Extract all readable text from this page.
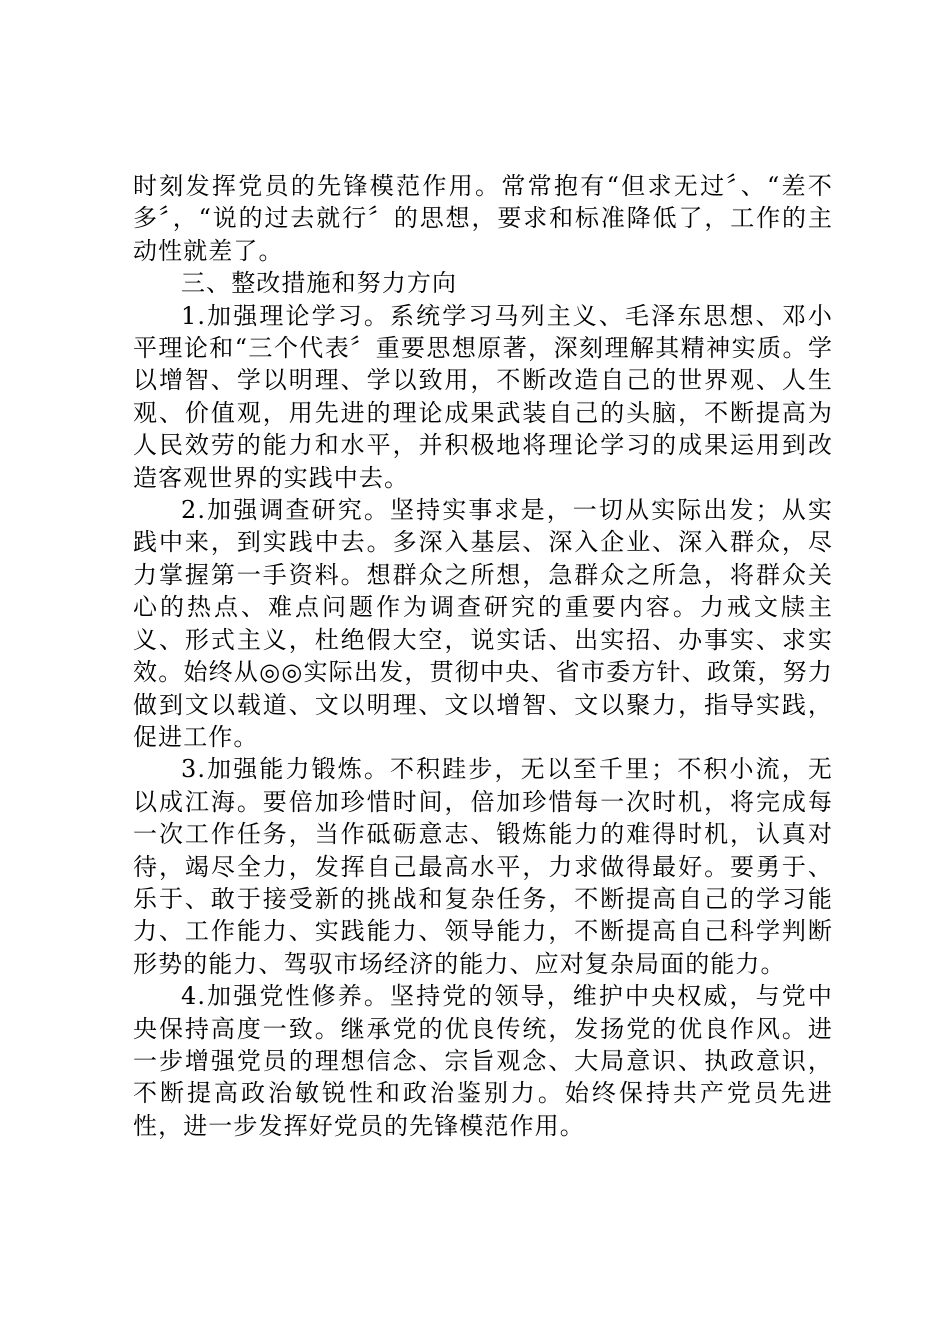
时刻发挥党员的先锋模范作用。常常抱有“但求无过〞、“差不多〞，“说的过去就行〞的思想，要求和标准降低了，工作的主动性就差了。

三、整改措施和努力方向

1.加强理论学习。系统学习马列主义、毛泽东思想、邓小平理论和“三个代表〞重要思想原著，深刻理解其精神实质。学以增智、学以明理、学以致用，不断改造自己的世界观、人生观、价值观，用先进的理论成果武装自己的头脑，不断提高为人民效劳的能力和水平，并积极地将理论学习的成果运用到改造客观世界的实践中去。

2.加强调查研究。坚持实事求是，一切从实际出发；从实践中来，到实践中去。多深入基层、深入企业、深入群众，尽力掌握第一手资料。想群众之所想，急群众之所急，将群众关心的热点、难点问题作为调查研究的重要内容。力戒文牍主义、形式主义，杜绝假大空，说实话、出实招、办事实、求实效。始终从◎◎实际出发，贯彻中央、省市委方针、政策，努力做到文以载道、文以明理、文以增智、文以聚力，指导实践，促进工作。

3.加强能力锻炼。不积跬步，无以至千里；不积小流，无以成江海。要倍加珍惜时间，倍加珍惜每一次时机，将完成每一次工作任务，当作砥砺意志、锻炼能力的难得时机，认真对待，竭尽全力，发挥自己最高水平，力求做得最好。要勇于、乐于、敢于接受新的挑战和复杂任务，不断提高自己的学习能力、工作能力、实践能力、领导能力，不断提高自己科学判断形势的能力、驾驭市场经济的能力、应对复杂局面的能力。

4.加强党性修养。坚持党的领导，维护中央权威，与党中央保持高度一致。继承党的优良传统，发扬党的优良作风。进一步增强党员的理想信念、宗旨观念、大局意识、执政意识，不断提高政治敏锐性和政治鉴别力。始终保持共产党员先进性，进一步发挥好党员的先锋模范作用。
